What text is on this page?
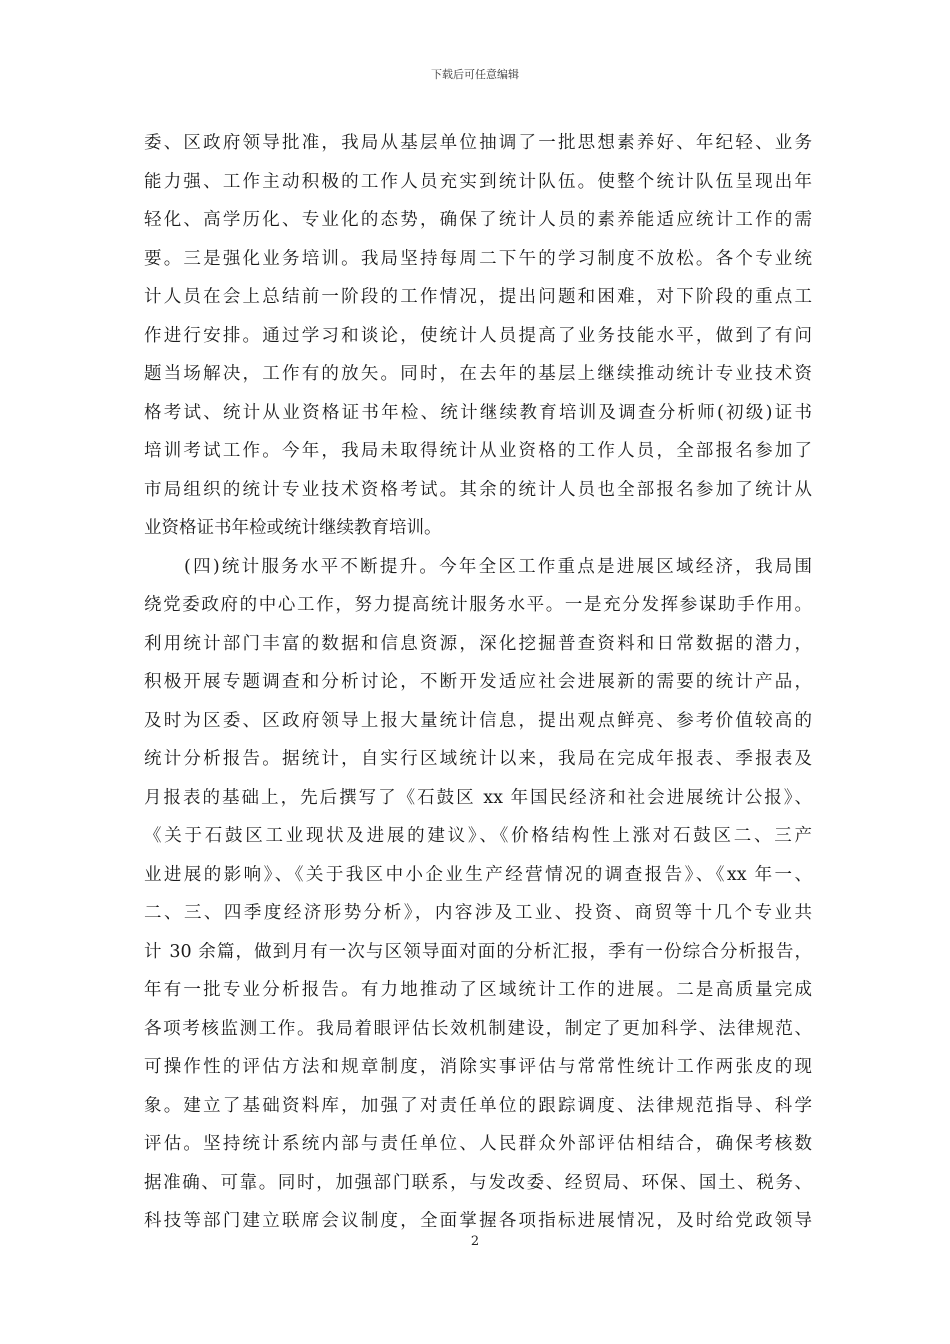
下载后可任意编辑
委、区政府领导批准，我局从基层单位抽调了一批思想素养好、年纪轻、业务
能力强、工作主动积极的工作人员充实到统计队伍。使整个统计队伍呈现出年
轻化、高学历化、专业化的态势，确保了统计人员的素养能适应统计工作的需
要。三是强化业务培训。我局坚持每周二下午的学习制度不放松。各个专业统
计人员在会上总结前一阶段的工作情况，提出问题和困难，对下阶段的重点工
作进行安排。通过学习和谈论，使统计人员提高了业务技能水平，做到了有问
题当场解决，工作有的放矢。同时，在去年的基层上继续推动统计专业技术资
格考试、统计从业资格证书年检、统计继续教育培训及调查分析师(初级)证书
培训考试工作。今年，我局未取得统计从业资格的工作人员，全部报名参加了
市局组织的统计专业技术资格考试。其余的统计人员也全部报名参加了统计从
业资格证书年检或统计继续教育培训。
(四)统计服务水平不断提升。今年全区工作重点是进展区域经济，我局围
绕党委政府的中心工作，努力提高统计服务水平。一是充分发挥参谋助手作用。
利用统计部门丰富的数据和信息资源，深化挖掘普查资料和日常数据的潜力，
积极开展专题调查和分析讨论，不断开发适应社会进展新的需要的统计产品，
及时为区委、区政府领导上报大量统计信息，提出观点鲜亮、参考价值较高的
统计分析报告。据统计，自实行区域统计以来，我局在完成年报表、季报表及
月报表的基础上，先后撰写了《石鼓区 xx 年国民经济和社会进展统计公报》、
《关于石鼓区工业现状及进展的建议》、《价格结构性上涨对石鼓区二、三产
业进展的影响》、《关于我区中小企业生产经营情况的调查报告》、《xx 年一、
二、三、四季度经济形势分析》，内容涉及工业、投资、商贸等十几个专业共
计 30 余篇，做到月有一次与区领导面对面的分析汇报，季有一份综合分析报告，
年有一批专业分析报告。有力地推动了区域统计工作的进展。二是高质量完成
各项考核监测工作。我局着眼评估长效机制建设，制定了更加科学、法律规范、
可操作性的评估方法和规章制度，消除实事评估与常常性统计工作两张皮的现
象。建立了基础资料库，加强了对责任单位的跟踪调度、法律规范指导、科学
评估。坚持统计系统内部与责任单位、人民群众外部评估相结合，确保考核数
据准确、可靠。同时，加强部门联系，与发改委、经贸局、环保、国土、税务、
科技等部门建立联席会议制度，全面掌握各项指标进展情况，及时给党政领导
2
